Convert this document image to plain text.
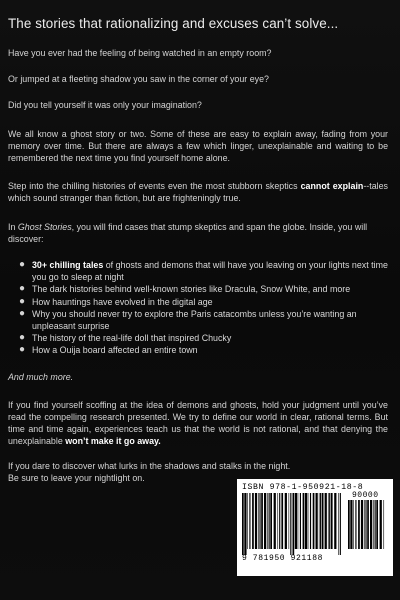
The stories that rationalizing and excuses can’t solve...

Have you ever had the feeling of being watched in an empty room?

Or jumped at a fleeting shadow you saw in the corner of your eye?

Did you tell yourself it was only your imagination?

We all know a ghost story or two. Some of these are easy to explain away, fading from your memory over time. But there are always a few which linger, unexplainable and waiting to be remembered the next time you find yourself home alone.

Step into the chilling histories of events even the most stubborn skeptics cannot explain--tales which sound stranger than fiction, but are frighteningly true.

In Ghost Stories, you will find cases that stump skeptics and span the globe. Inside, you will discover:

● 30+ chilling tales of ghosts and demons that will have you leaving on your lights next time you go to sleep at night
● The dark histories behind well-known stories like Dracula, Snow White, and more
● How hauntings have evolved in the digital age
● Why you should never try to explore the Paris catacombs unless you’re wanting an unpleasant surprise
● The history of the real-life doll that inspired Chucky
● How a Ouija board affected an entire town

And much more.

If you find yourself scoffing at the idea of demons and ghosts, hold your judgment until you’ve read the compelling research presented. We try to define our world in clear, rational terms. But time and time again, experiences teach us that the world is not rational, and that denying the unexplainable won’t make it go away.

If you dare to discover what lurks in the shadows and stalks in the night.
Be sure to leave your nightlight on.

ISBN 978-1-950921-18-8
90000
9 781950 921188
